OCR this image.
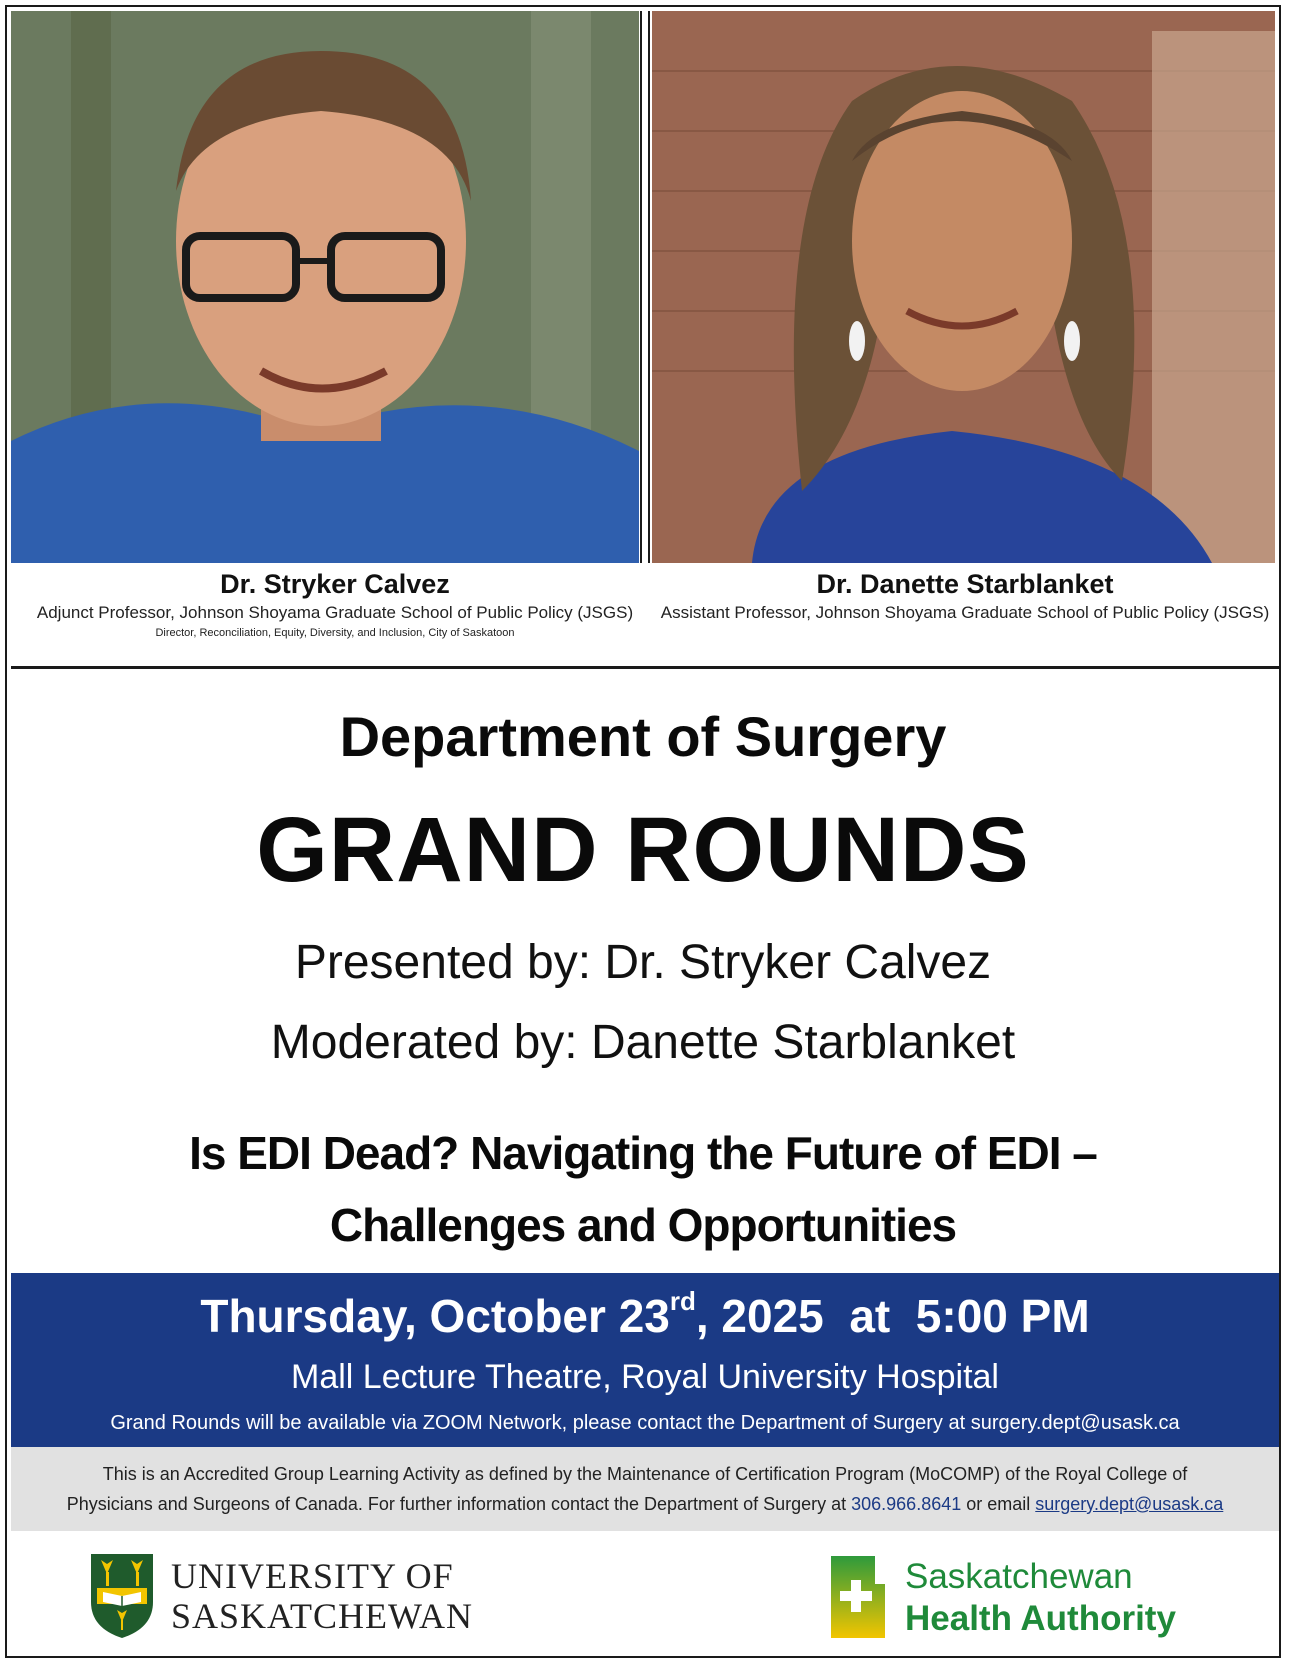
Dr. Stryker Calvez
Adjunct Professor, Johnson Shoyama Graduate School of Public Policy (JSGS)
Director, Reconciliation, Equity, Diversity, and Inclusion, City of Saskatoon
Dr. Danette Starblanket
Assistant Professor, Johnson Shoyama Graduate School of Public Policy (JSGS)
Department of Surgery
GRAND ROUNDS
Presented by: Dr. Stryker Calvez
Moderated by: Danette Starblanket
Is EDI Dead? Navigating the Future of EDI –
Challenges and Opportunities
Thursday, October 23rd, 2025  at  5:00 PM
Mall Lecture Theatre, Royal University Hospital
Grand Rounds will be available via ZOOM Network, please contact the Department of Surgery at surgery.dept@usask.ca
This is an Accredited Group Learning Activity as defined by the Maintenance of Certification Program (MoCOMP) of the Royal College of
Physicians and Surgeons of Canada. For further information contact the Department of Surgery at 306.966.8641 or email surgery.dept@usask.ca
UNIVERSITY OF
SASKATCHEWAN
Saskatchewan
Health Authority
